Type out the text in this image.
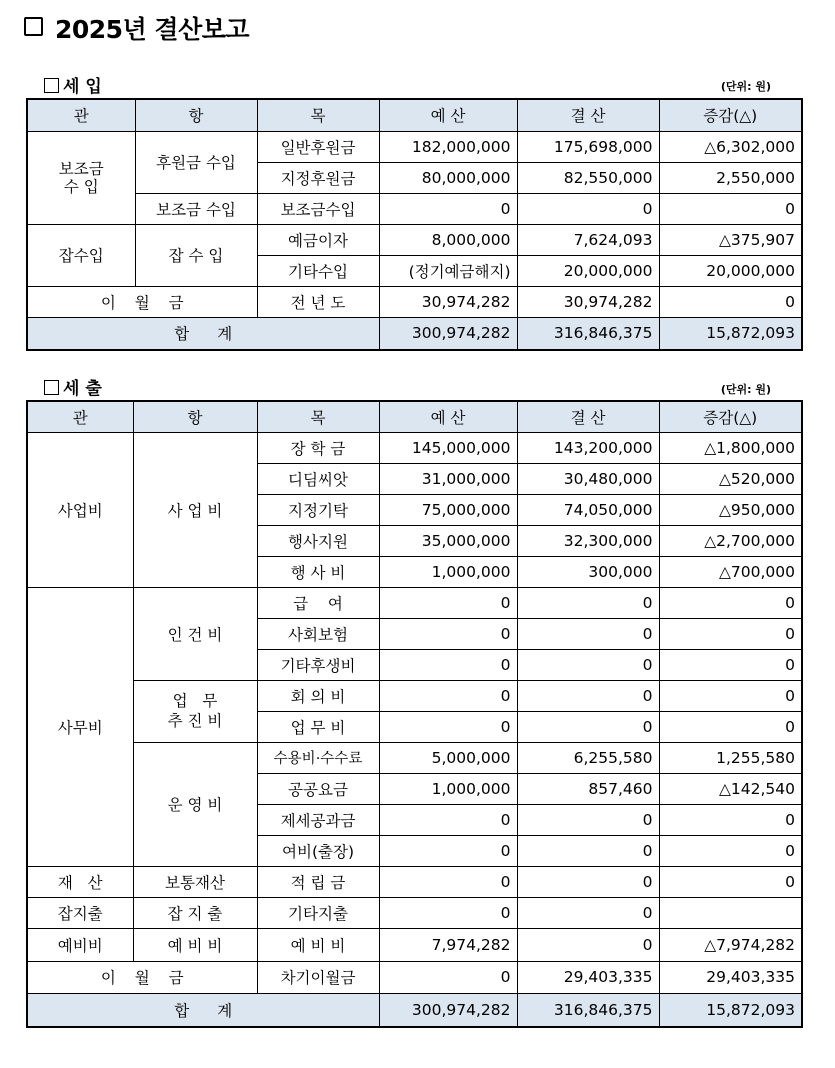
2025년 결산보고
세 입	(단위: 원)
관	항	목	예 산	결 산	증감(△)
보조금
수 입	후원금 수입	일반후원금	182,000,000	175,698,000	△6,302,000
		지정후원금	80,000,000	82,550,000	2,550,000
	보조금 수입	보조금수입	0	0	0
잡수입	잡 수 입	예금이자	8,000,000	7,624,093	△375,907
		기타수입	(정기예금해지)	20,000,000	20,000,000
이 월 금		전 년 도	30,974,282	30,974,282	0
합계			300,974,282	316,846,375	15,872,093
세 출	(단위: 원)
관	항	목	예 산	결 산	증감(△)
사업비	사 업 비	장 학 금	145,000,000	143,200,000	△1,800,000
		디딤씨앗	31,000,000	30,480,000	△520,000
		지정기탁	75,000,000	74,050,000	△950,000
		행사지원	35,000,000	32,300,000	△2,700,000
		행 사 비	1,000,000	300,000	△700,000
사무비	인 건 비	급    여	0	0	0
		사회보험	0	0	0
		기타후생비	0	0	0
	업   무
추 진 비	회 의 비	0	0	0
		업 무 비	0	0	0
	운 영 비	수용비·수수료	5,000,000	6,255,580	1,255,580
		공공요금	1,000,000	857,460	△142,540
		제세공과금	0	0	0
		여비(출장)	0	0	0
재   산	보통재산	적 립 금	0	0	0
잡지출	잡 지 출	기타지출	0	0	
예비비	예 비 비	예 비 비	7,974,282	0	△7,974,282
이 월 금		차기이월금	0	29,403,335	29,403,335
합계			300,974,282	316,846,375	15,872,093
